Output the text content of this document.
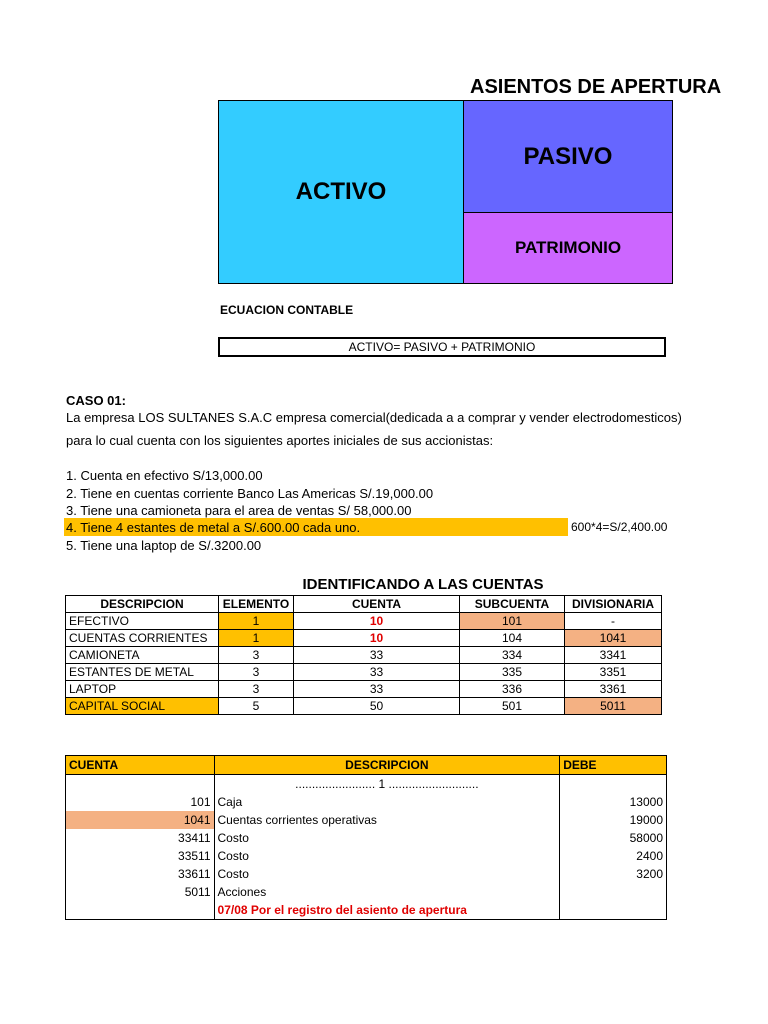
ASIENTOS DE APERTURA
ACTIVO
PASIVO
PATRIMONIO
ECUACION CONTABLE
ACTIVO= PASIVO + PATRIMONIO
CASO 01:
La empresa LOS SULTANES S.A.C empresa comercial(dedicada a a comprar y vender electrodomesticos)
para lo cual cuenta con los siguientes aportes iniciales de sus accionistas:
1. Cuenta en efectivo S/13,000.00
2. Tiene en cuentas corriente Banco Las Americas S/.19,000.00
3. Tiene una camioneta para el area de ventas S/ 58,000.00
4. Tiene 4 estantes de metal a S/.600.00 cada uno.
5. Tiene una laptop de S/.3200.00
600*4=S/2,400.00
IDENTIFICANDO A LAS CUENTAS
DESCRIPCION	ELEMENTO	CUENTA	SUBCUENTA	DIVISIONARIA
EFECTIVO	1	10	101	-
CUENTAS CORRIENTES	1	10	104	1041
CAMIONETA	3	33	334	3341
ESTANTES DE METAL	3	33	335	3351
LAPTOP	3	33	336	3361
CAPITAL SOCIAL	5	50	501	5011
CUENTA	DESCRIPCION	DEBE
	........................ 1 ...........................	
101	Caja	13000
1041	Cuentas corrientes operativas	19000
33411	Costo	58000
33511	Costo	2400
33611	Costo	3200
5011	Acciones	
	07/08 Por el registro del asiento de apertura	
